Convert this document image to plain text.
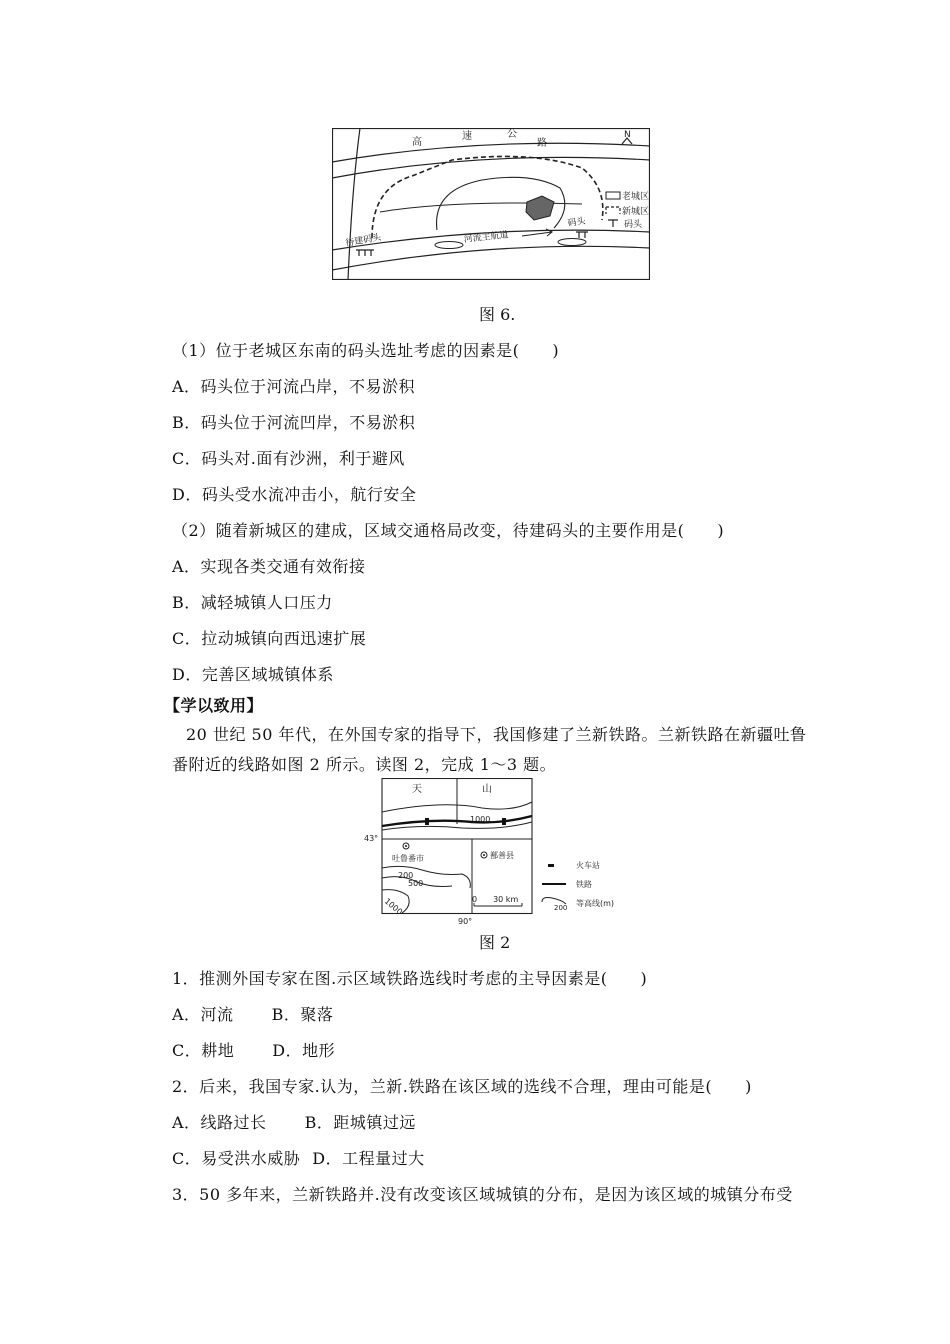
高
速	公
路
N
老城区
新城区
码头
码头
待建码头	河流主航道
图 6.
（1）位于老城区东南的码头选址考虑的因素是(　　)
A．码头位于河流凸岸，不易淤积
B．码头位于河流凹岸，不易淤积
C．码头对.面有沙洲，利于避风
D．码头受水流冲击小，航行安全
（2）随着新城区的建成，区域交通格局改变，待建码头的主要作用是(　　)
A．实现各类交通有效衔接
B．减轻城镇人口压力
C．拉动城镇向西迅速扩展
D．完善区域城镇体系
【学以致用】
20 世纪 50 年代，在外国专家的指导下，我国修建了兰新铁路。兰新铁路在新疆吐鲁
番附近的线路如图 2 所示。读图 2，完成 1～3 题。
天	山
1000
43°
吐鲁番市	鄯善县
200
500
1000	0　　30 km
90°
火车站
铁路
200 等高线(m)
图 2
1．推测外国专家在图.示区域铁路选线时考虑的主导因素是(　　)
A．河流 B．聚落
C．耕地 D．地形
2．后来，我国专家.认为，兰新.铁路在该区域的选线不合理，理由可能是(　　)
A．线路过长 B．距城镇过远
C．易受洪水威胁 D．工程量过大
3．50 多年来，兰新铁路并.没有改变该区域城镇的分布，是因为该区域的城镇分布受
